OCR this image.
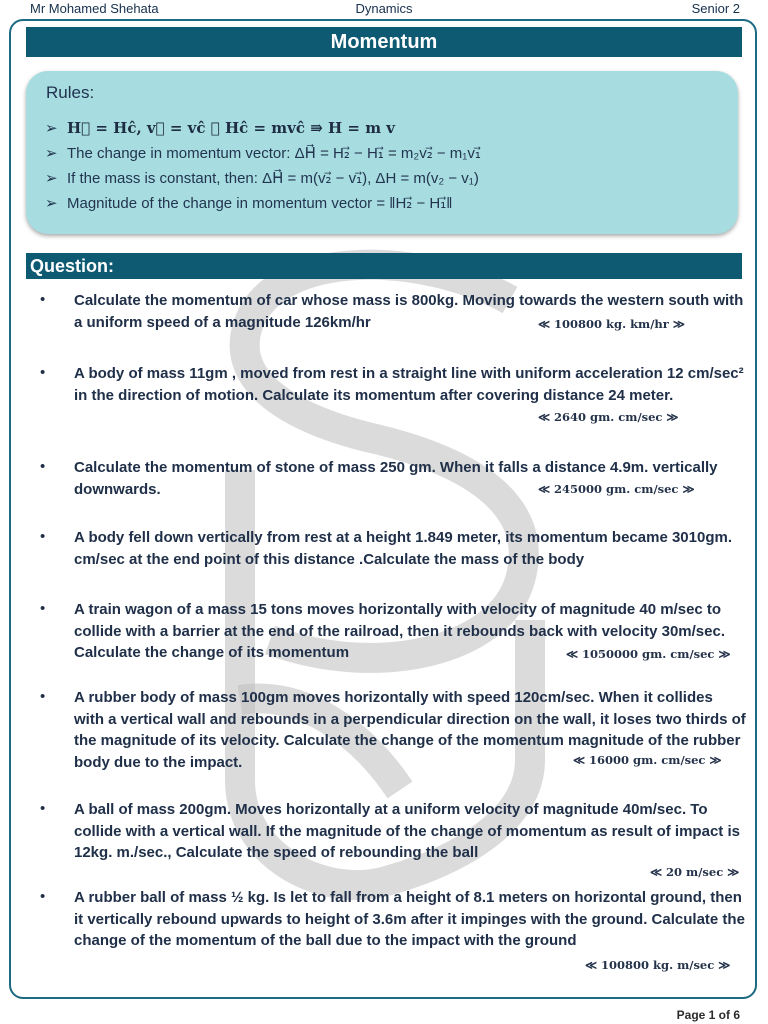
Mr Mohamed Shehata	Dynamics	Senior 2
Momentum
Rules:
➢ H⃗ = Hĉ, v⃗ = vĉ ∴ Hĉ = mvĉ ⇛ H = m v
➢ The change in momentum vector: ΔH⃗ = H₂⃗ − H₁⃗ = m₂v₂⃗ − m₁v₁⃗
➢ If the mass is constant, then: ΔH⃗ = m(v₂⃗ − v₁⃗), ΔH = m(v₂ − v₁)
➢ Magnitude of the change in momentum vector = ‖H₂⃗ − H₁⃗‖
Question:
• Calculate the momentum of car whose mass is 800kg. Moving towards the western south with a uniform speed of a magnitude 126km/hr	≪ 100800 kg. km/hr ≫
• A body of mass 11gm , moved from rest in a straight line with uniform acceleration 12 cm/sec² in the direction of motion. Calculate its momentum after covering distance 24 meter.
≪ 2640 gm. cm/sec ≫
• Calculate the momentum of stone of mass 250 gm. When it falls a distance 4.9m. vertically downwards.	≪ 245000 gm. cm/sec ≫
• A body fell down vertically from rest at a height 1.849 meter, its momentum became 3010gm. cm/sec at the end point of this distance .Calculate the mass of the body
• A train wagon of a mass 15 tons moves horizontally with velocity of magnitude 40 m/sec to collide with a barrier at the end of the railroad, then it rebounds back with velocity 30m/sec. Calculate the change of its momentum	≪ 1050000 gm. cm/sec ≫
• A rubber body of mass 100gm moves horizontally with speed 120cm/sec. When it collides with a vertical wall and rebounds in a perpendicular direction on the wall, it loses two thirds of the magnitude of its velocity. Calculate the change of the momentum magnitude of the rubber body due to the impact.	≪ 16000 gm. cm/sec ≫
• A ball of mass 200gm. Moves horizontally at a uniform velocity of magnitude 40m/sec. To collide with a vertical wall. If the magnitude of the change of momentum as result of impact is 12kg. m./sec., Calculate the speed of rebounding the ball
≪ 20 m/sec ≫
• A rubber ball of mass ½ kg. Is let to fall from a height of 8.1 meters on horizontal ground, then it vertically rebound upwards to height of 3.6m after it impinges with the ground. Calculate the change of the momentum of the ball due to the impact with the ground
≪ 100800 kg. m/sec ≫
Page 1 of 6
